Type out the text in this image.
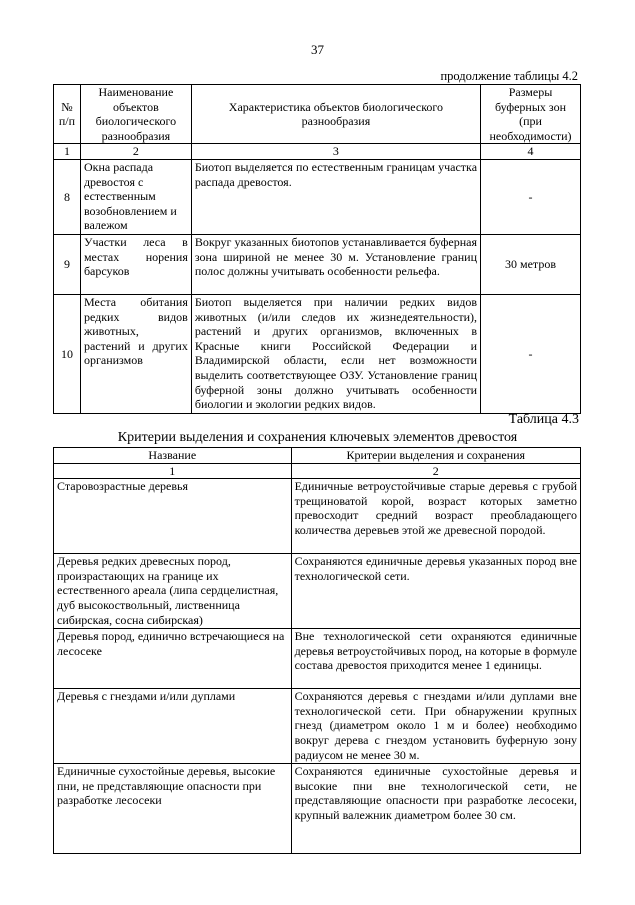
37
продолжение таблицы 4.2
№ п/п	Наименование объектов биологического разнообразия	Характеристика объектов биологического разнообразия	Размеры буферных зон (при необходимости)
1	2	3	4
8	Окна распада древостоя с естественным возобновлением и валежом	Биотоп выделяется по естественным границам участка распада древостоя.	-
9	Участки леса в местах норения барсуков	Вокруг указанных биотопов устанавливается буферная зона шириной не менее 30 м. Установление границ полос должны учитывать особенности рельефа.	30 метров
10	Места обитания редких видов животных, растений и других организмов	Биотоп выделяется при наличии редких видов животных (и/или следов их жизнедеятельности), растений и других организмов, включенных в Красные книги Российской Федерации и Владимирской области, если нет возможности выделить соответствующее ОЗУ. Установление границ буферной зоны должно учитывать особенности биологии и экологии редких видов.	-
Таблица 4.3
Критерии выделения и сохранения ключевых элементов древостоя
Название	Критерии выделения и сохранения
1	2
Старовозрастные деревья	Единичные ветроустойчивые старые деревья с грубой трещиноватой корой, возраст которых заметно превосходит средний возраст преобладающего количества деревьев этой же древесной породой.
Деревья редких древесных пород, произрастающих на границе их естественного ареала (липа сердцелистная, дуб высокоствольный, лиственница сибирская, сосна сибирская)	Сохраняются единичные деревья указанных пород вне технологической сети.
Деревья пород, единично встречающиеся на лесосеке	Вне технологической сети охраняются единичные деревья ветроустойчивых пород, на которые в формуле состава древостоя приходится менее 1 единицы.
Деревья с гнездами и/или дуплами	Сохраняются деревья с гнездами и/или дуплами вне технологической сети. При обнаружении крупных гнезд (диаметром около 1 м и более) необходимо вокруг дерева с гнездом установить буферную зону радиусом не менее 30 м.
Единичные сухостойные деревья, высокие пни, не представляющие опасности при разработке лесосеки	Сохраняются единичные сухостойные деревья и высокие пни вне технологической сети, не представляющие опасности при разработке лесосеки, крупный валежник диаметром более 30 см.
